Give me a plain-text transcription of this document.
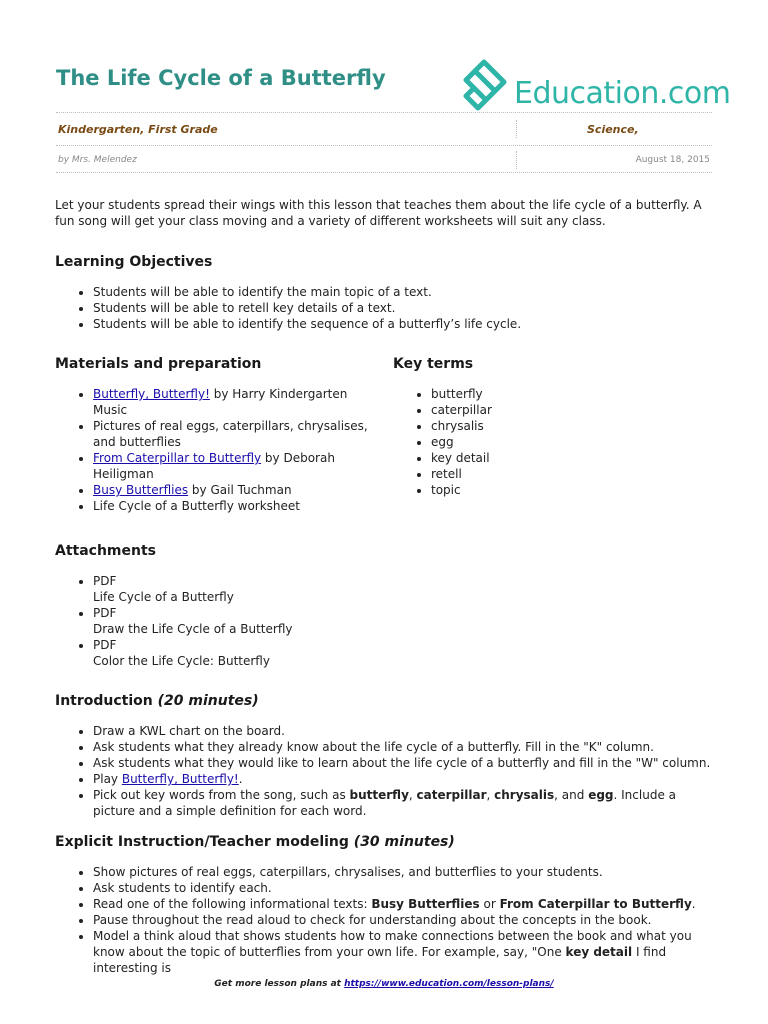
The Life Cycle of a Butterfly	Education.com
Kindergarten, First Grade	Science,
by Mrs. Melendez	August 18, 2015

Let your students spread their wings with this lesson that teaches them about the life cycle of a butterfly. A fun song will get your class moving and a variety of different worksheets will suit any class.

Learning Objectives
• Students will be able to identify the main topic of a text.
• Students will be able to retell key details of a text.
• Students will be able to identify the sequence of a butterfly’s life cycle.
Materials and preparation
• Butterfly, Butterfly! by Harry Kindergarten Music
• Pictures of real eggs, caterpillars, chrysalises, and butterflies
• From Caterpillar to Butterfly by Deborah Heiligman
• Busy Butterflies by Gail Tuchman
• Life Cycle of a Butterfly worksheet
Key terms
• butterfly
• caterpillar
• chrysalis
• egg
• key detail
• retell
• topic
Attachments
• PDF
Life Cycle of a Butterfly
• PDF
Draw the Life Cycle of a Butterfly
• PDF
Color the Life Cycle: Butterfly
Introduction (20 minutes)
• Draw a KWL chart on the board.
• Ask students what they already know about the life cycle of a butterfly. Fill in the "K" column.
• Ask students what they would like to learn about the life cycle of a butterfly and fill in the "W" column.
• Play Butterfly, Butterfly!.
• Pick out key words from the song, such as butterfly, caterpillar, chrysalis, and egg. Include a picture and a simple definition for each word.
Explicit Instruction/Teacher modeling (30 minutes)
• Show pictures of real eggs, caterpillars, chrysalises, and butterflies to your students.
• Ask students to identify each.
• Read one of the following informational texts: Busy Butterflies or From Caterpillar to Butterfly.
• Pause throughout the read aloud to check for understanding about the concepts in the book.
• Model a think aloud that shows students how to make connections between the book and what you know about the topic of butterflies from your own life. For example, say, "One key detail I find interesting is
Get more lesson plans at https://www.education.com/lesson-plans/
